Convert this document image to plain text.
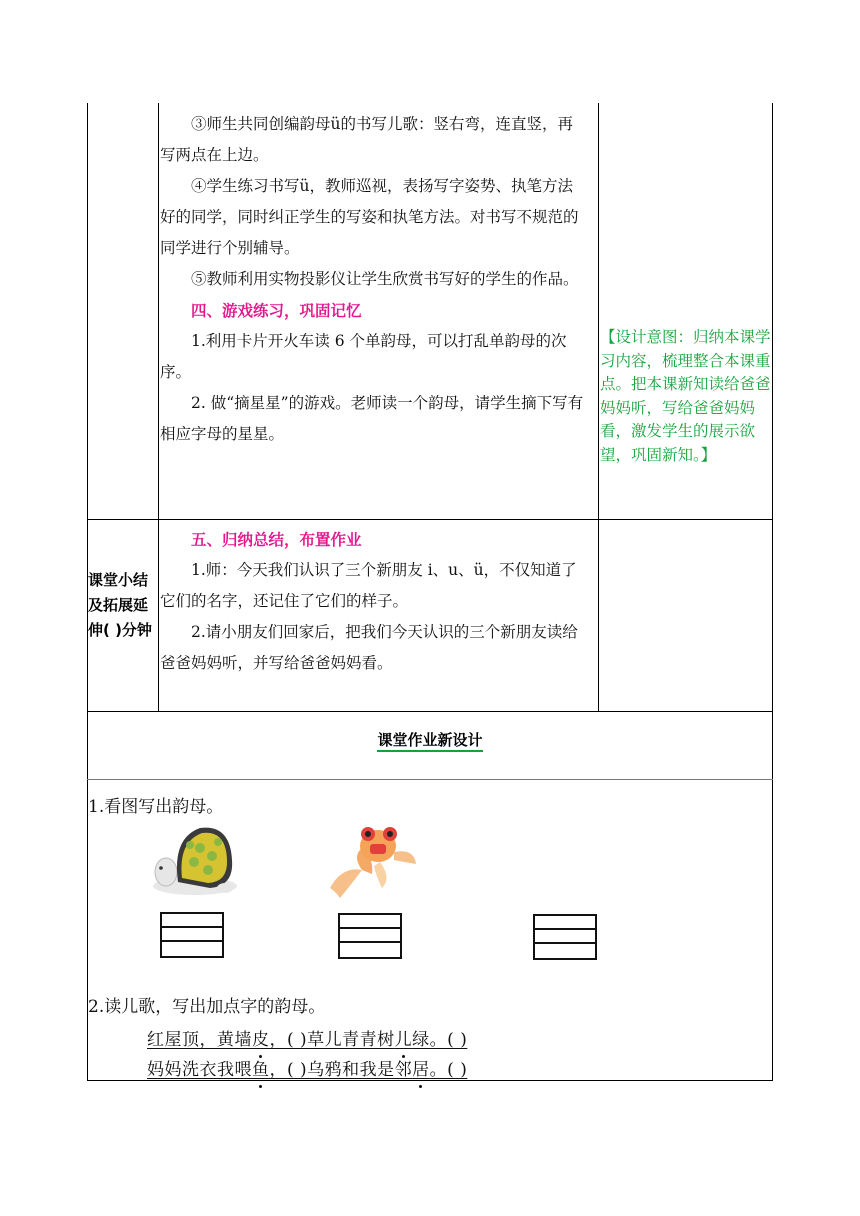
③师生共同创编韵母ü的书写儿歌：竖右弯，连直竖，再写两点在上边。

④学生练习书写ü，教师巡视，表扬写字姿势、执笔方法好的同学，同时纠正学生的写姿和执笔方法。对书写不规范的同学进行个别辅导。

⑤教师利用实物投影仪让学生欣赏书写好的学生的作品。

四、游戏练习，巩固记忆

1.利用卡片开火车读 6 个单韵母，可以打乱单韵母的次序。

2. 做“摘星星”的游戏。老师读一个韵母，请学生摘下写有相应字母的星星。

【设计意图：归纳本课学习内容，梳理整合本课重点。把本课新知读给爸爸妈妈听，写给爸爸妈妈看，激发学生的展示欲望，巩固新知。】
课堂小结及拓展延伸( )分钟

五、归纳总结，布置作业

1.师：今天我们认识了三个新朋友 i、u、ü，不仅知道了它们的名字，还记住了它们的样子。

2.请小朋友们回家后，把我们今天认识的三个新朋友读给爸爸妈妈听，并写给爸爸妈妈看。

课堂作业新设计
1.看图写出韵母。
2.读儿歌，写出加点字的韵母。
红屋顶，黄墙皮，( )草儿青青树儿绿。( )
妈妈洗衣我喂鱼，( )乌鸦和我是邻居。( )
